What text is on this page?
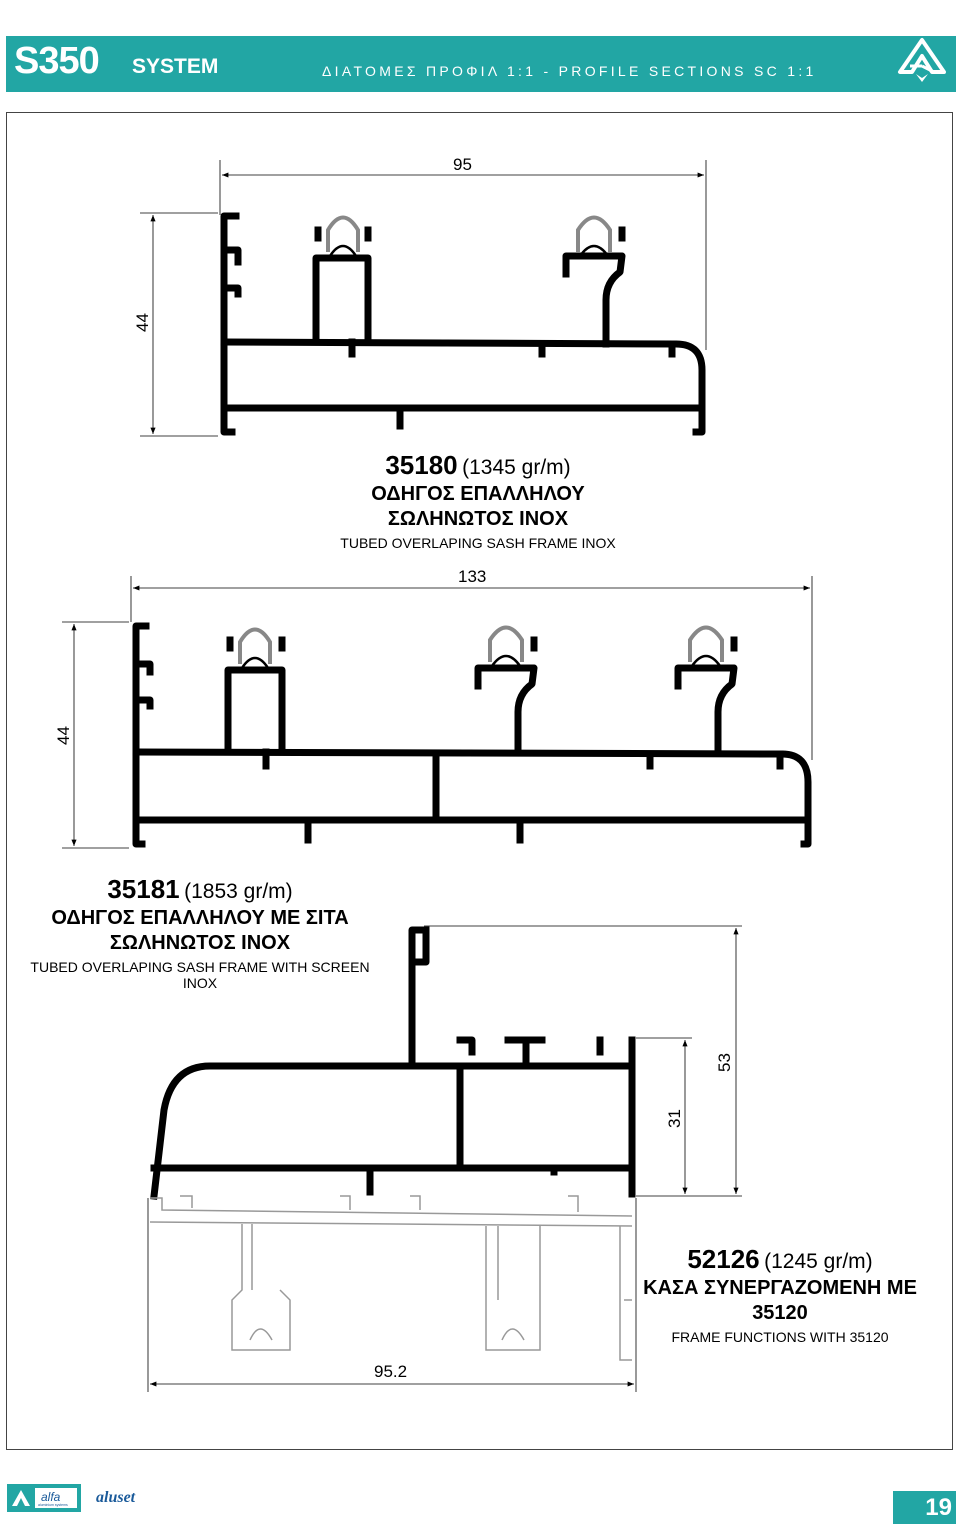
S350 SYSTEM	ΔΙΑΤΟΜΕΣ ΠΡΟΦΙΛ 1:1 - PROFILE SECTIONS SC 1:1
95
44
133
44
95.2
31
53
35180 (1345 gr/m)
ΟΔΗΓΟΣ ΕΠΑΛΛΗΛΟΥ
ΣΩΛΗΝΩΤΟΣ INOX
TUBED OVERLAPING SASH FRAME INOX
35181 (1853 gr/m)
ΟΔΗΓΟΣ ΕΠΑΛΛΗΛΟΥ ΜΕ ΣΙΤΑ
ΣΩΛΗΝΩΤΟΣ INOX
TUBED OVERLAPING SASH FRAME WITH SCREEN INOX
52126 (1245 gr/m)
ΚΑΣΑ ΣΥΝΕΡΓΑΖΟΜΕΝΗ ΜΕ
35120
FRAME FUNCTIONS WITH 35120
alfa
aluminium systems aluset	19
